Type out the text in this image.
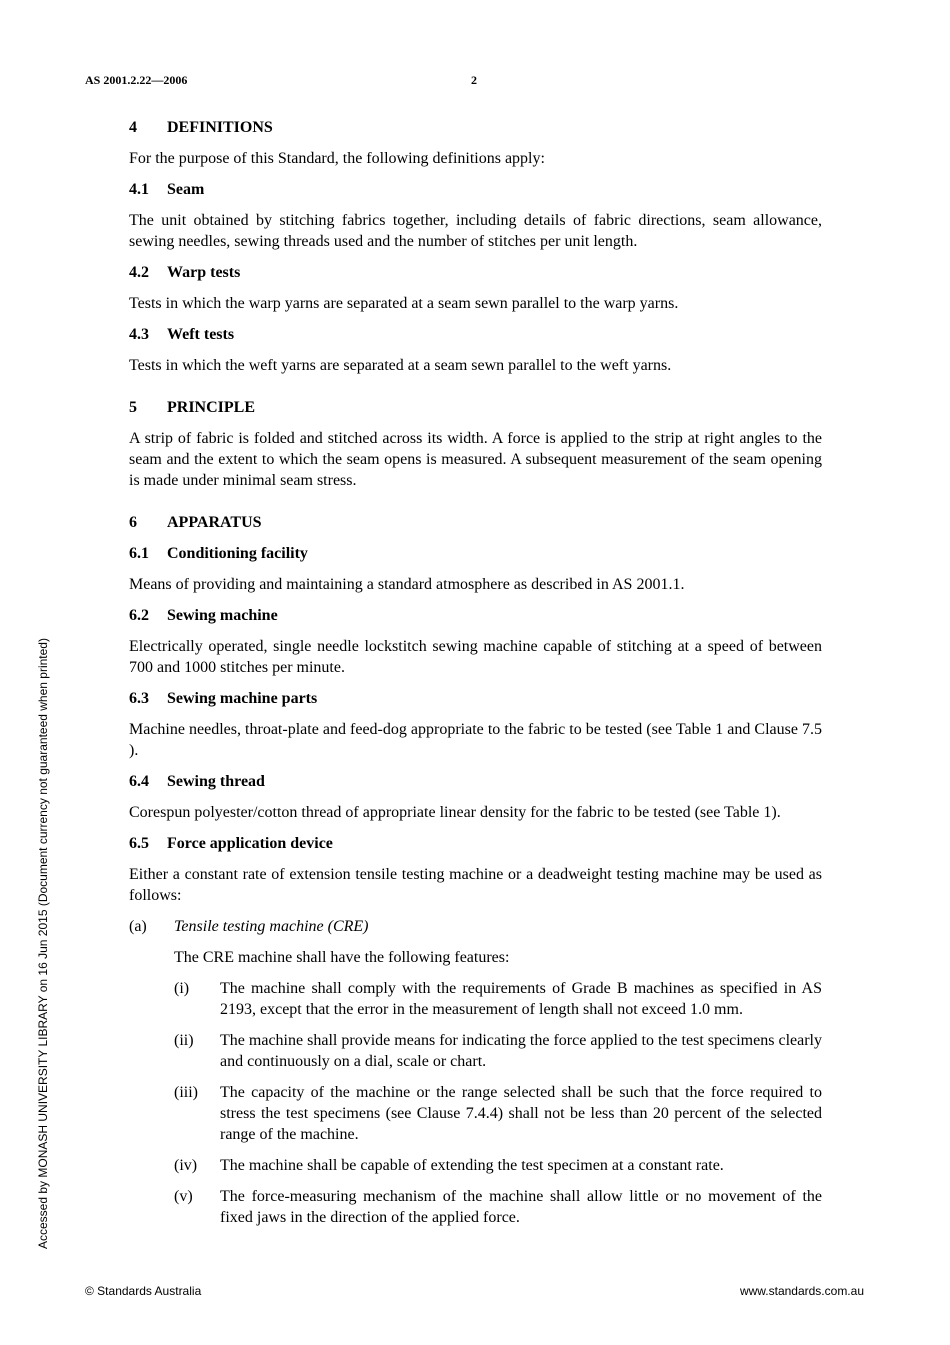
AS 2001.2.22—2006	2
Accessed by MONASH UNIVERSITY LIBRARY on 16 Jun 2015 (Document currency not guaranteed when printed)
4 DEFINITIONS
For the purpose of this Standard, the following definitions apply:
4.1 Seam
The unit obtained by stitching fabrics together, including details of fabric directions, seam allowance, sewing needles, sewing threads used and the number of stitches per unit length.
4.2 Warp tests
Tests in which the warp yarns are separated at a seam sewn parallel to the warp yarns.
4.3 Weft tests
Tests in which the weft yarns are separated at a seam sewn parallel to the weft yarns.
5 PRINCIPLE
A strip of fabric is folded and stitched across its width. A force is applied to the strip at right angles to the seam and the extent to which the seam opens is measured. A subsequent measurement of the seam opening is made under minimal seam stress.
6 APPARATUS
6.1 Conditioning facility
Means of providing and maintaining a standard atmosphere as described in AS 2001.1.
6.2 Sewing machine
Electrically operated, single needle lockstitch sewing machine capable of stitching at a speed of between 700 and 1000 stitches per minute.
6.3 Sewing machine parts
Machine needles, throat-plate and feed-dog appropriate to the fabric to be tested (see Table 1 and Clause 7.5 ).
6.4 Sewing thread
Corespun polyester/cotton thread of appropriate linear density for the fabric to be tested (see Table 1).
6.5 Force application device
Either a constant rate of extension tensile testing machine or a deadweight testing machine may be used as follows:
(a)	Tensile testing machine (CRE)
The CRE machine shall have the following features:
(i)	The machine shall comply with the requirements of Grade B machines as specified in AS 2193, except that the error in the measurement of length shall not exceed 1.0 mm.
(ii)	The machine shall provide means for indicating the force applied to the test specimens clearly and continuously on a dial, scale or chart.
(iii)	The capacity of the machine or the range selected shall be such that the force required to stress the test specimens (see Clause 7.4.4) shall not be less than 20 percent of the selected range of the machine.
(iv)	The machine shall be capable of extending the test specimen at a constant rate.
(v)	The force-measuring mechanism of the machine shall allow little or no movement of the fixed jaws in the direction of the applied force.
© Standards Australia	www.standards.com.au
